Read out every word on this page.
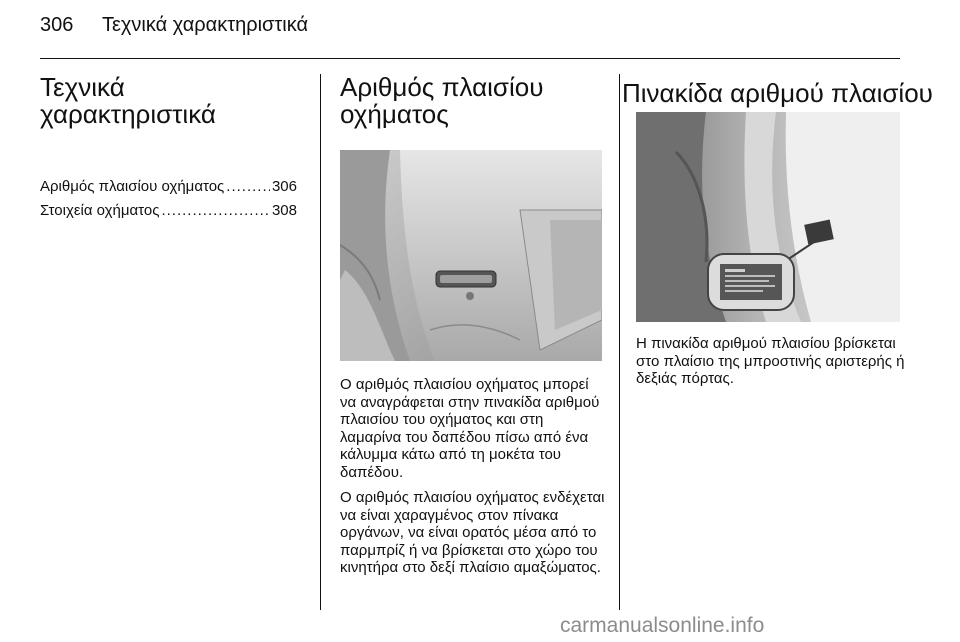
306 Τεχνικά χαρακτηριστικά
Τεχνικά χαρακτηριστικά
Αριθμός πλαισίου οχήματος .....	306
Στοιχεία οχήματος .....	308
Αριθμός πλαισίου οχήματος

Ο αριθμός πλαισίου οχήματος μπορεί να αναγράφεται στην πινακίδα αριθμού πλαισίου του οχήματος και στη λαμαρίνα του δαπέδου πίσω από ένα κάλυμμα κάτω από τη μοκέτα του δαπέδου.

Ο αριθμός πλαισίου οχήματος ενδέχεται να είναι χαραγμένος στον πίνακα οργάνων, να είναι ορατός μέσα από το παρμπρίζ ή να βρίσκεται στο χώρο του κινητήρα στο δεξί πλαίσιο αμαξώματος.

Πινακίδα αριθμού πλαισίου

Η πινακίδα αριθμού πλαισίου βρίσκεται στο πλαίσιο της μπροστινής αριστερής ή δεξιάς πόρτας.

carmanualsonline.info
